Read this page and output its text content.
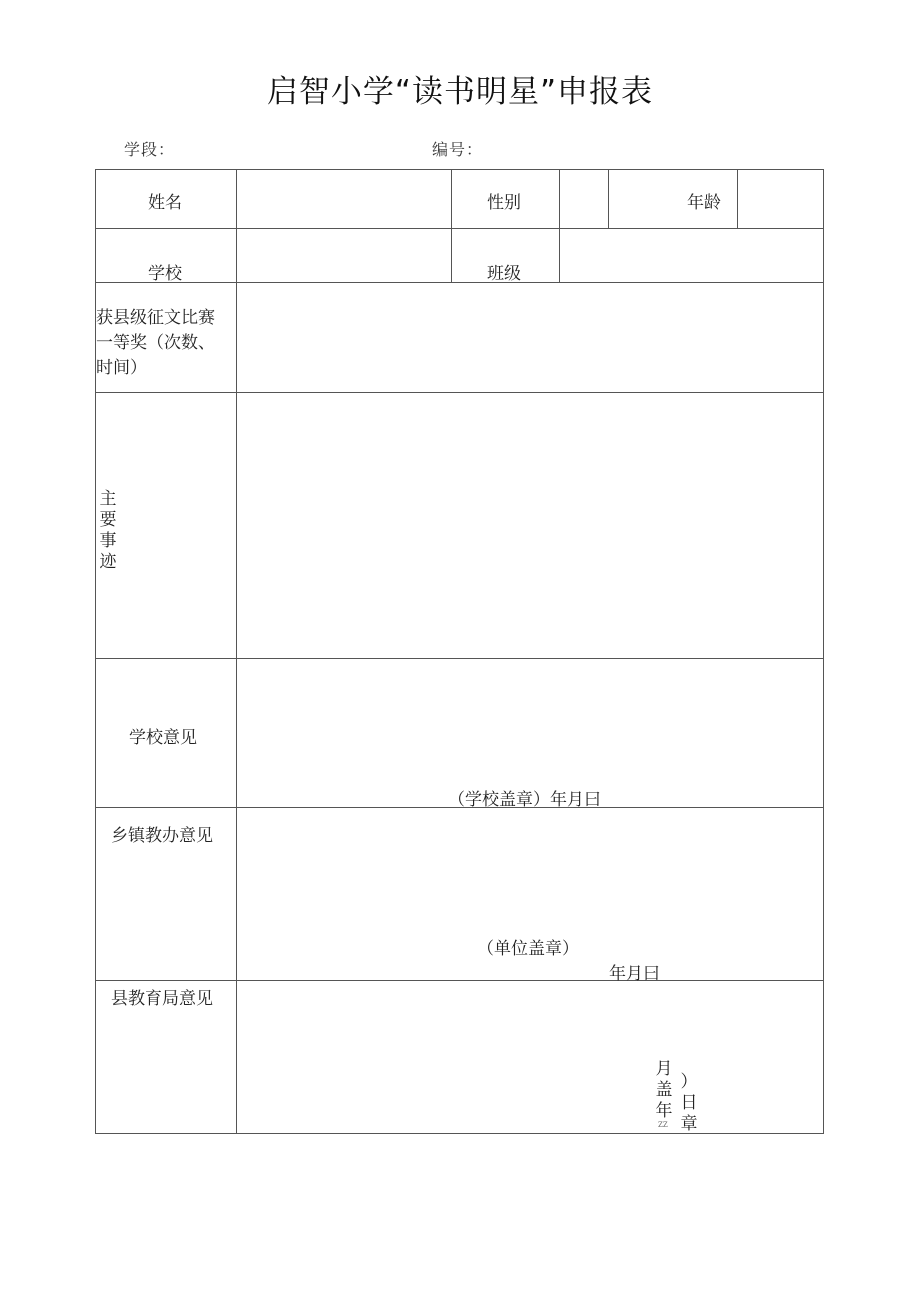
启智小学“读书明星”申报表
学段：	编号：
姓名	性别	年龄
学校	班级
获县级征文比赛
一等奖（次数、
时间）
主要事迹
学校意见
（学校盖章）年月曰
乡镇教办意见
（单位盖章）
年月曰
县教育局意见
月盖年
ZZ
）日章
